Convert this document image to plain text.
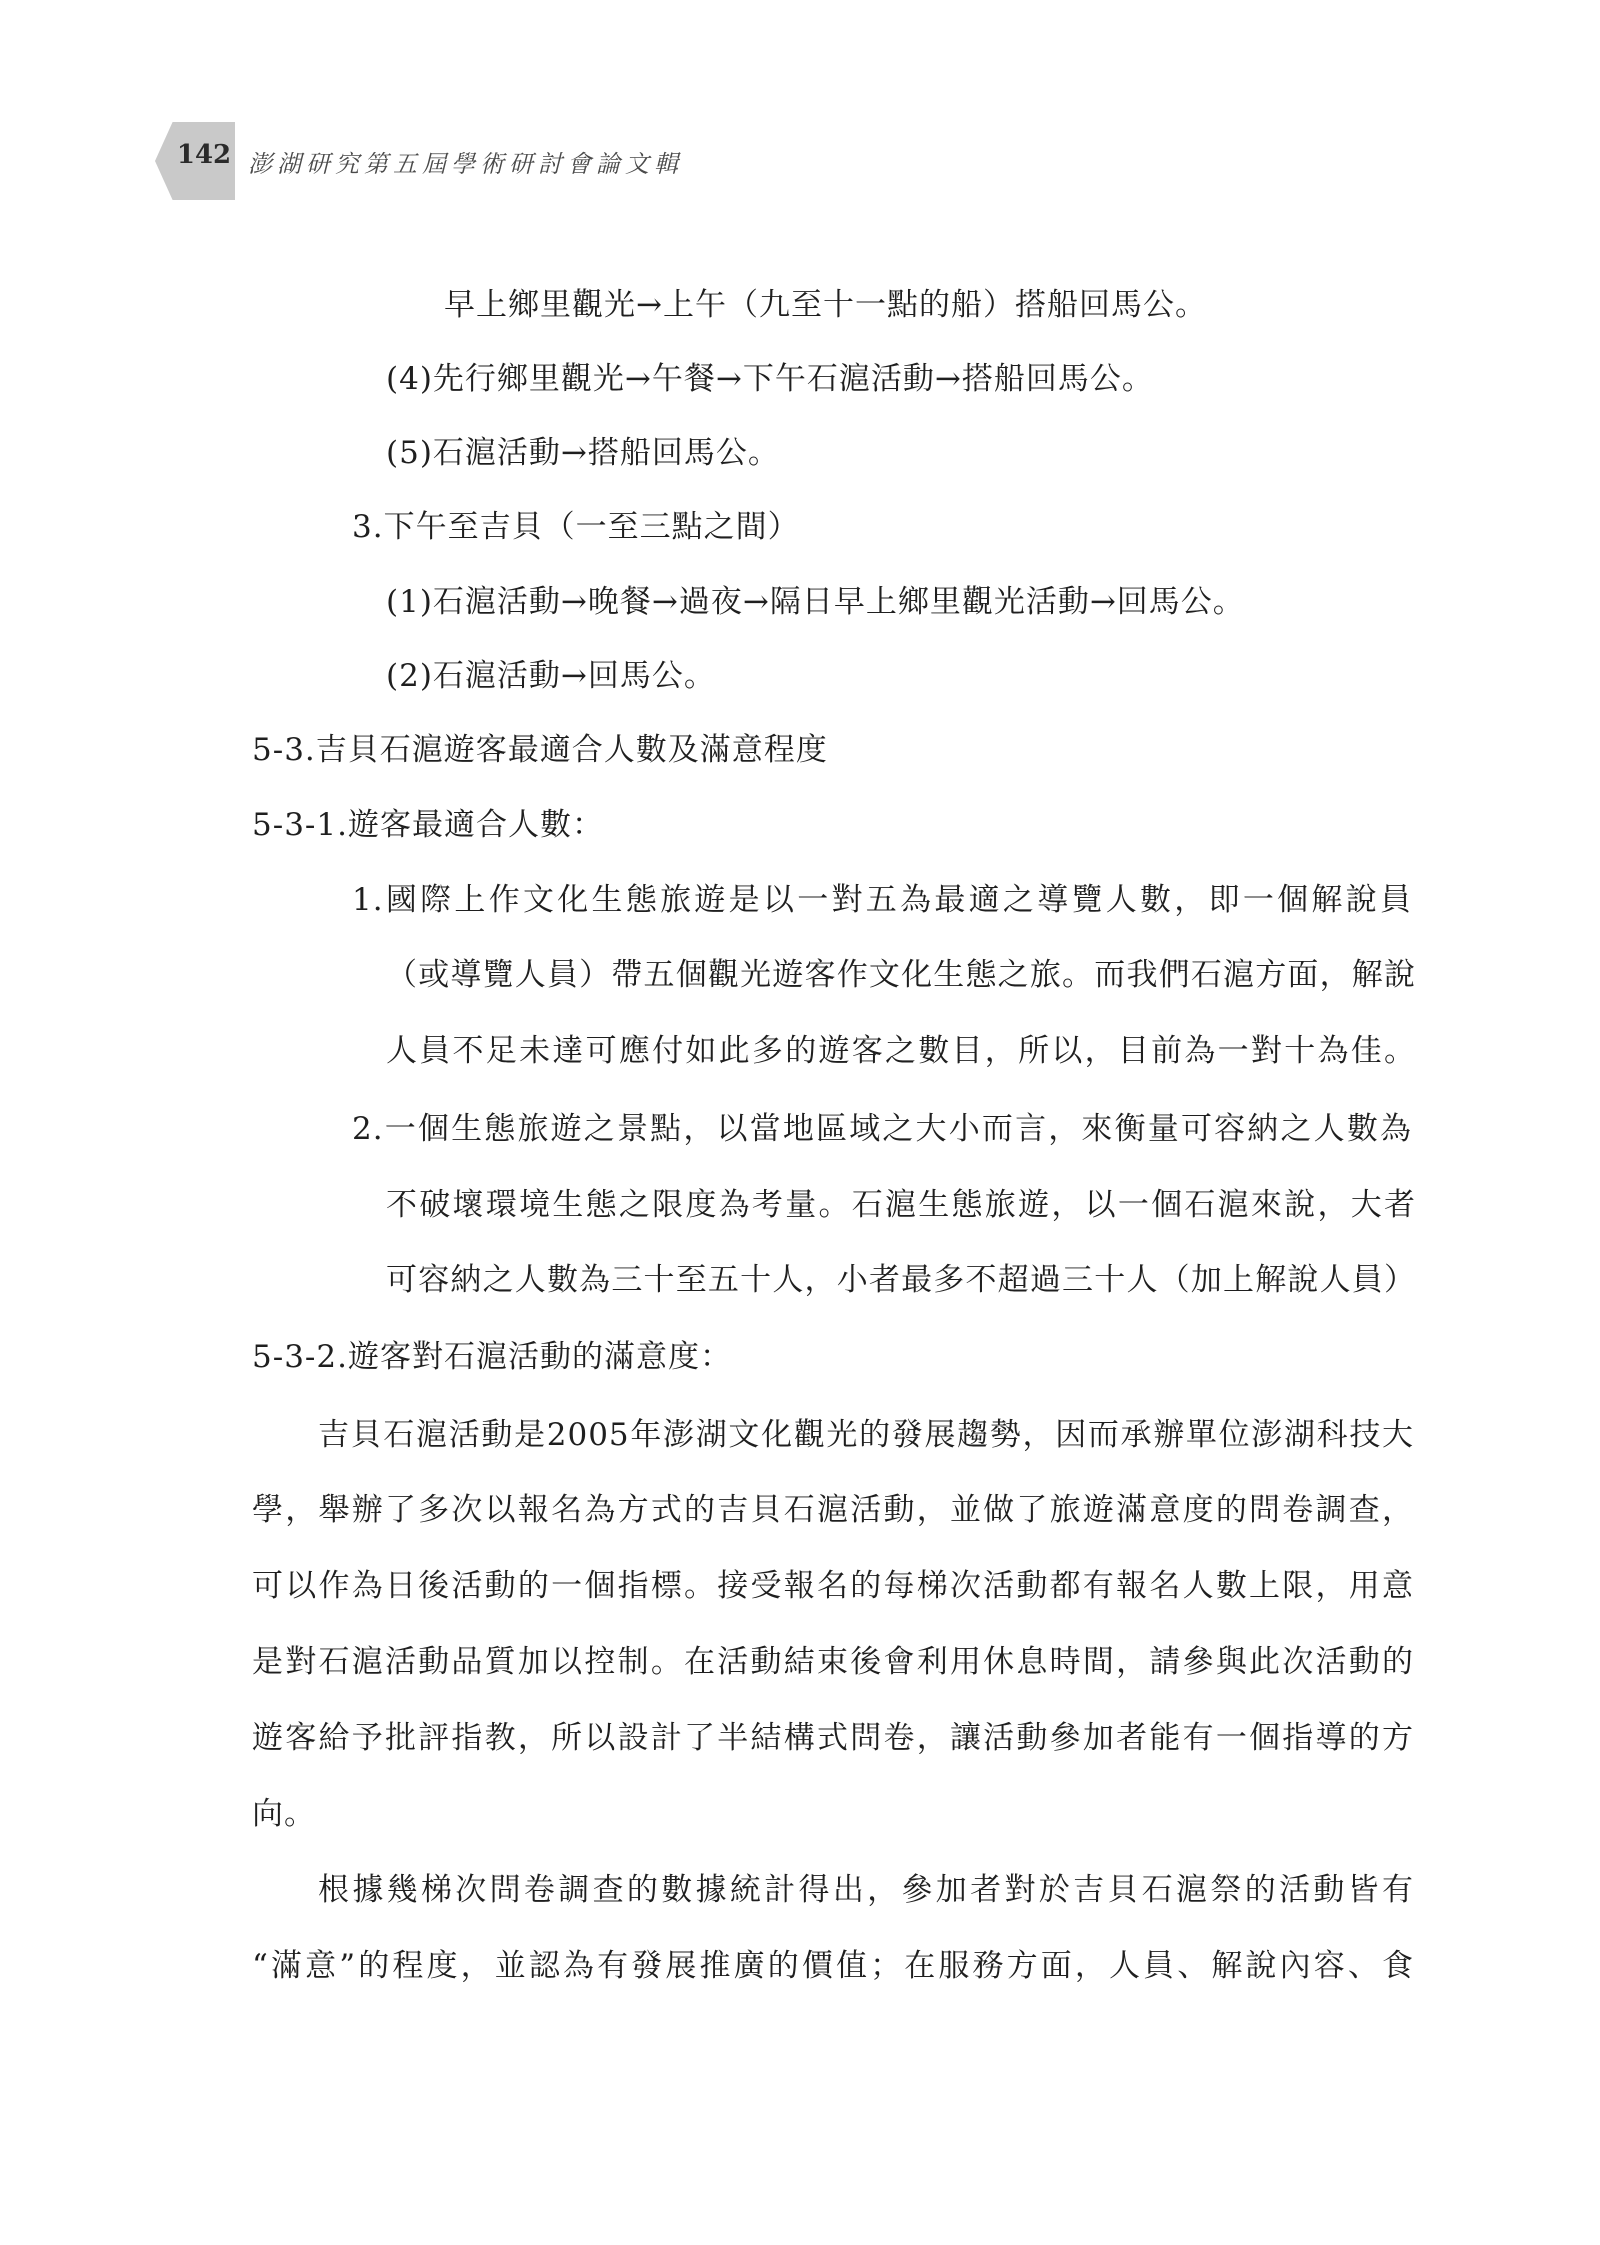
142 澎湖研究第五屆學術研討會論文輯
早上鄉里觀光→上午（九至十一點的船）搭船回馬公。
(4)先行鄉里觀光→午餐→下午石滬活動→搭船回馬公。
(5)石滬活動→搭船回馬公。
3.下午至吉貝（一至三點之間）
(1)石滬活動→晚餐→過夜→隔日早上鄉里觀光活動→回馬公。
(2)石滬活動→回馬公。
5-3.吉貝石滬遊客最適合人數及滿意程度
5-3-1.遊客最適合人數：
1.國際上作文化生態旅遊是以一對五為最適之導覽人數，即一個解說員
（或導覽人員）帶五個觀光遊客作文化生態之旅。而我們石滬方面，解說
人員不足未達可應付如此多的遊客之數目，所以，目前為一對十為佳。
2.一個生態旅遊之景點，以當地區域之大小而言，來衡量可容納之人數為
不破壞環境生態之限度為考量。石滬生態旅遊，以一個石滬來說，大者
可容納之人數為三十至五十人，小者最多不超過三十人（加上解說人員）
5-3-2.遊客對石滬活動的滿意度：
吉貝石滬活動是2005年澎湖文化觀光的發展趨勢，因而承辦單位澎湖科技大
學，舉辦了多次以報名為方式的吉貝石滬活動，並做了旅遊滿意度的問卷調查，
可以作為日後活動的一個指標。接受報名的每梯次活動都有報名人數上限，用意
是對石滬活動品質加以控制。在活動結束後會利用休息時間，請參與此次活動的
遊客給予批評指教，所以設計了半結構式問卷，讓活動參加者能有一個指導的方
向。
根據幾梯次問卷調查的數據統計得出，參加者對於吉貝石滬祭的活動皆有
“滿意”的程度，並認為有發展推廣的價值；在服務方面，人員、解說內容、食
